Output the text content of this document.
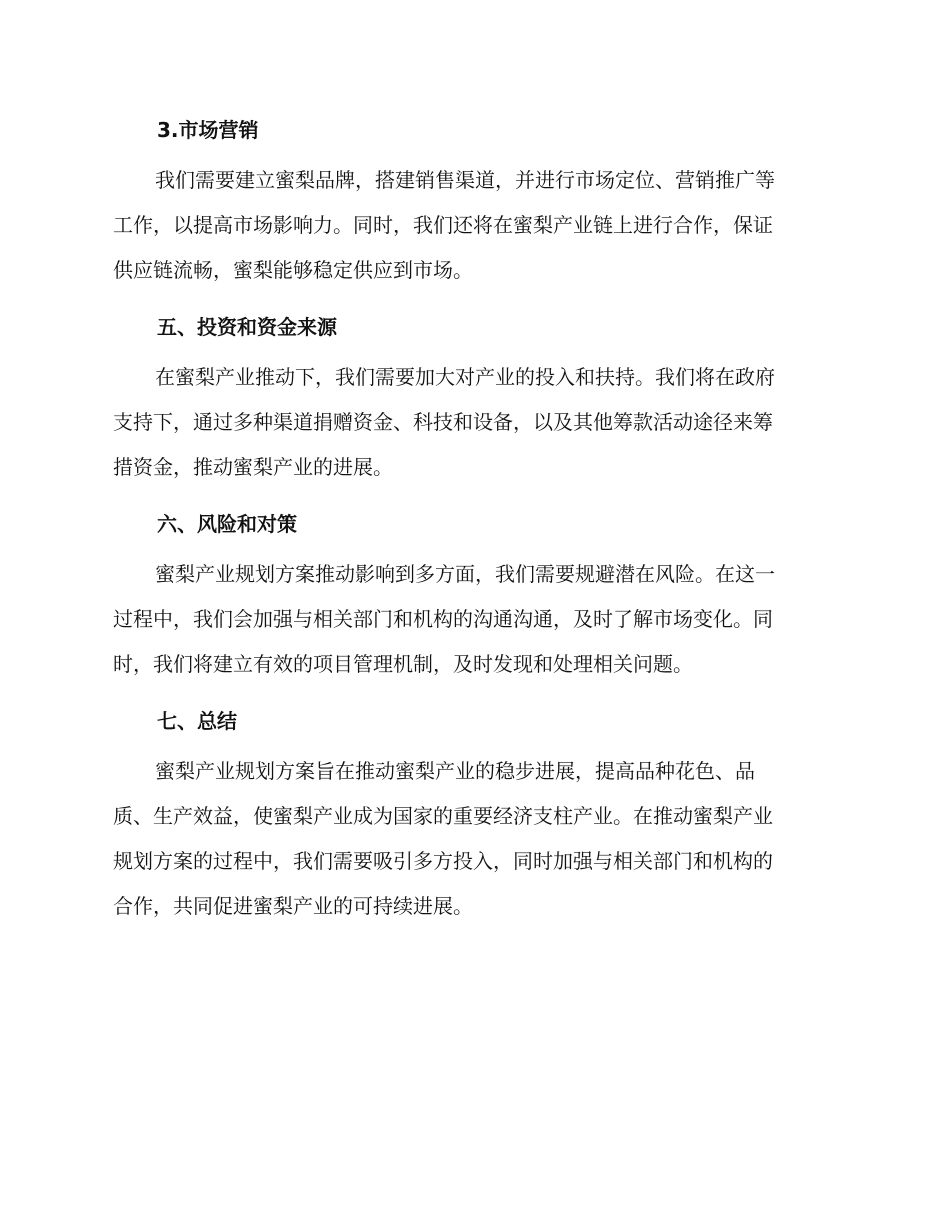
3.市场营销

我们需要建立蜜梨品牌，搭建销售渠道，并进行市场定位、营销推广等
工作，以提高市场影响力。同时，我们还将在蜜梨产业链上进行合作，保证
供应链流畅，蜜梨能够稳定供应到市场。

五、投资和资金来源

在蜜梨产业推动下，我们需要加大对产业的投入和扶持。我们将在政府
支持下，通过多种渠道捐赠资金、科技和设备，以及其他筹款活动途径来筹
措资金，推动蜜梨产业的进展。

六、风险和对策

蜜梨产业规划方案推动影响到多方面，我们需要规避潜在风险。在这一
过程中，我们会加强与相关部门和机构的沟通沟通，及时了解市场变化。同
时，我们将建立有效的项目管理机制，及时发现和处理相关问题。

七、总结

蜜梨产业规划方案旨在推动蜜梨产业的稳步进展，提高品种花色、品
质、生产效益，使蜜梨产业成为国家的重要经济支柱产业。在推动蜜梨产业
规划方案的过程中，我们需要吸引多方投入，同时加强与相关部门和机构的
合作，共同促进蜜梨产业的可持续进展。
